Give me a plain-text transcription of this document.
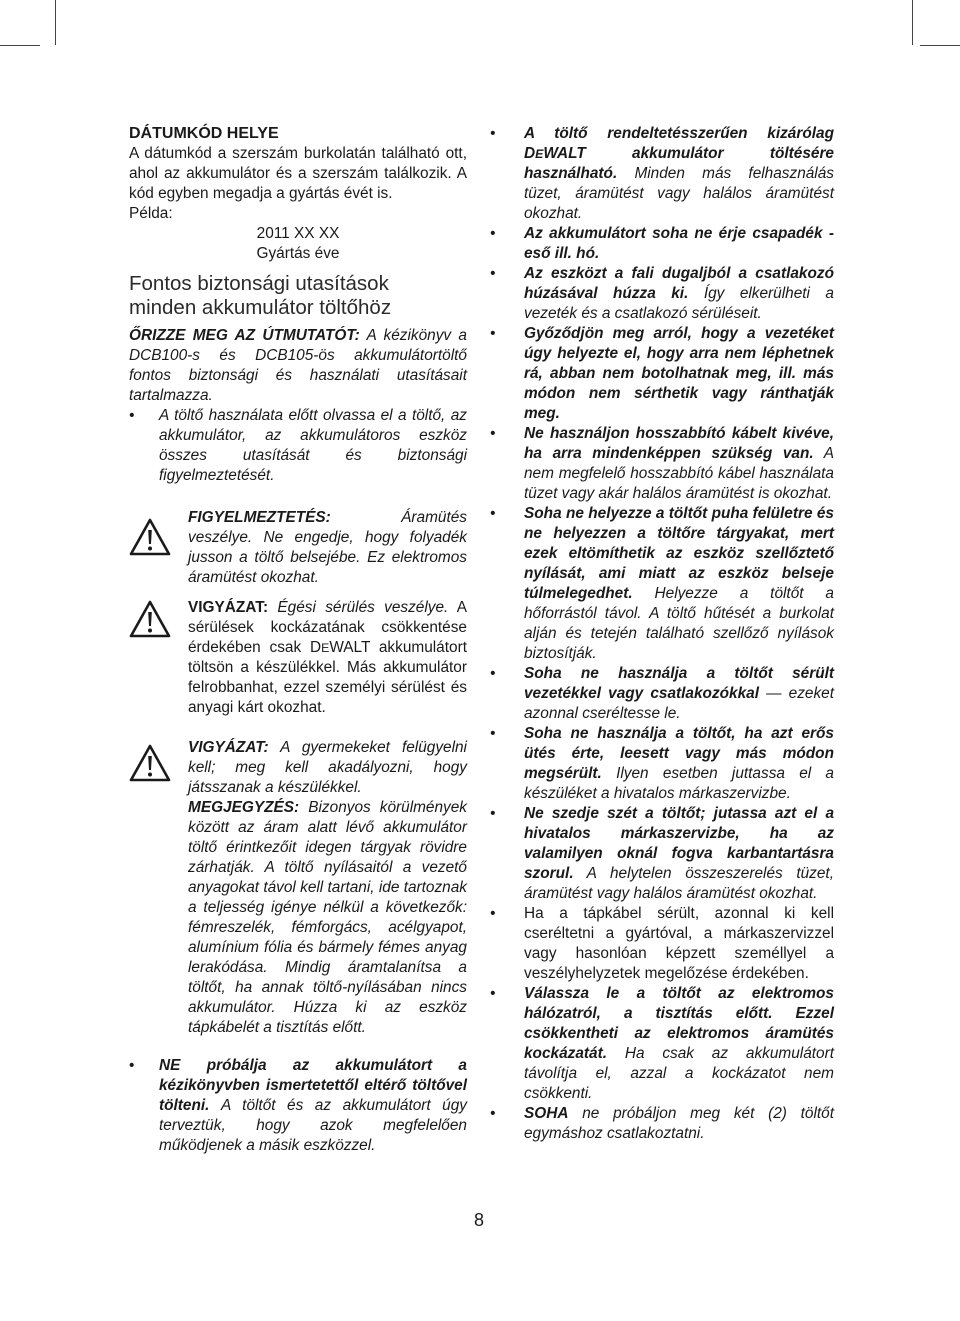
DÁTUMKÓD HELYE

A dátumkód a szerszám burkolatán található ott, ahol az akkumulátor és a szerszám találkozik. A kód egyben megadja a gyártás évét is.

Példa:

2011 XX XX

Gyártás éve

Fontos biztonsági utasítások
minden akkumulátor töltőhöz

ŐRIZZE MEG AZ ÚTMUTATÓT: A kézikönyv a DCB100-s és DCB105-ös akkumulátortöltő fontos biztonsági és használati utasításait tartalmazza.

• A töltő használata előtt olvassa el a töltő, az akkumulátor, az akkumulátoros eszköz összes utasítását és biztonsági figyelmeztetését.

FIGYELMEZTETÉS:	Áramütés veszélye. Ne engedje, hogy folyadék jusson a töltő belsejébe. Ez elektromos áramütést okozhat.

VIGYÁZAT: Égési sérülés veszélye. A sérülések kockázatának csökkentése érdekében csak DEWALT akkumulátort töltsön a készülékkel. Más akkumulátor felrobbanhat, ezzel személyi sérülést és anyagi kárt okozhat.

VIGYÁZAT: A gyermekeket felügyelni kell; meg kell akadályozni, hogy játsszanak a készülékkel.

MEGJEGYZÉS: Bizonyos körülmények között az áram alatt lévő akkumulátor töltő érintkezőit idegen tárgyak rövidre zárhatják. A töltő nyílásaitól a vezető anyagokat távol kell tartani, ide tartoznak a teljesség igénye nélkül a következők: fémreszelék, fémforgács, acélgyapot, alumínium fólia és bármely fémes anyag lerakódása. Mindig áramtalanítsa a töltőt, ha annak töltő-nyílásában nincs akkumulátor. Húzza ki az eszköz tápkábelét a tisztítás előtt.

• NE próbálja az akkumulátort a kézikönyvben ismertetettől eltérő töltővel tölteni. A töltőt és az akkumulátort úgy terveztük, hogy azok megfelelően működjenek a másik eszközzel.

• A töltő rendeltetésszerűen kizárólag DEWALT akkumulátor töltésére használható. Minden más felhasználás tüzet, áramütést vagy halálos áramütést okozhat.

• Az akkumulátort soha ne érje csapadék - eső ill. hó.

• Az eszközt a fali dugaljból a csatlakozó húzásával húzza ki. Így elkerülheti a vezeték és a csatlakozó sérüléseit.

• Győződjön meg arról, hogy a vezetéket úgy helyezte el, hogy arra nem léphetnek rá, abban nem botolhatnak meg, ill. más módon nem sérthetik vagy ránthatják meg.

• Ne használjon hosszabbító kábelt kivéve, ha arra mindenképpen szükség van. A nem megfelelő hosszabbító kábel használata tüzet vagy akár halálos áramütést is okozhat.

• Soha ne helyezze a töltőt puha felületre és ne helyezzen a töltőre tárgyakat, mert ezek eltömíthetik az eszköz szellőztető nyílását, ami miatt az eszköz belseje túlmelegedhet. Helyezze a töltőt a hőforrástól távol. A töltő hűtését a burkolat alján és tetején található szellőző nyílások biztosítják.

• Soha ne használja a töltőt sérült vezetékkel vagy csatlakozókkal — ezeket azonnal cseréltesse le.

• Soha ne használja a töltőt, ha azt erős ütés érte, leesett vagy más módon megsérült. Ilyen esetben juttassa el a készüléket a hivatalos márkaszervizbe.

• Ne szedje szét a töltőt; jutassa azt el a hivatalos márkaszervizbe, ha az valamilyen oknál fogva karbantartásra szorul. A helytelen összeszerelés tüzet, áramütést vagy halálos áramütést okozhat.

• Ha a tápkábel sérült, azonnal ki kell cseréltetni a gyártóval, a márkaszervizzel vagy hasonlóan képzett személlyel a veszélyhelyzetek megelőzése érdekében.

• Válassza le a töltőt az elektromos hálózatról, a tisztítás előtt. Ezzel csökkentheti az elektromos áramütés kockázatát. Ha csak az akkumulátort távolítja el, azzal a kockázatot nem csökkenti.

• SOHA ne próbáljon meg két (2) töltőt egymáshoz csatlakoztatni.

8
